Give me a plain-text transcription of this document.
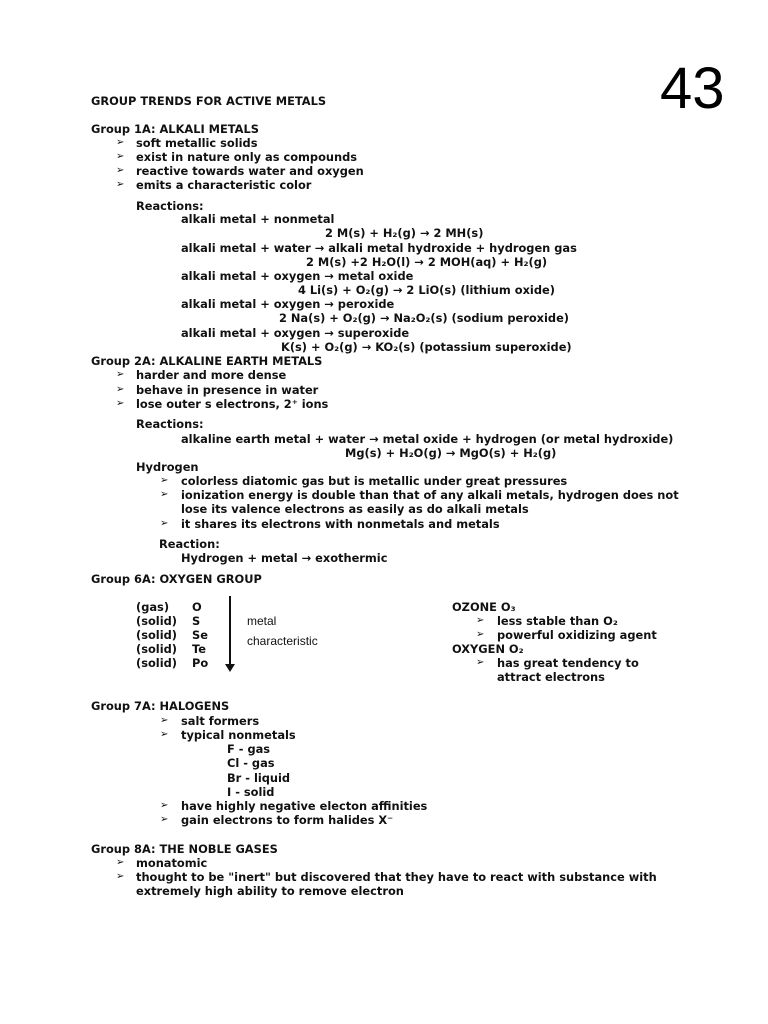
43
GROUP TRENDS FOR ACTIVE METALS
Group 1A: ALKALI METALS
➢ soft metallic solids
➢ exist in nature only as compounds
➢ reactive towards water and oxygen
➢ emits a characteristic color
Reactions:
alkali metal + nonmetal
2 M(s) + H₂(g) → 2 MH(s)
alkali metal + water → alkali metal hydroxide + hydrogen gas
2 M(s) +2 H₂O(l) → 2 MOH(aq) + H₂(g)
alkali metal + oxygen → metal oxide
4 Li(s) + O₂(g) → 2 LiO(s) (lithium oxide)
alkali metal + oxygen → peroxide
2 Na(s) + O₂(g) → Na₂O₂(s) (sodium peroxide)
alkali metal + oxygen → superoxide
K(s) + O₂(g) → KO₂(s) (potassium superoxide)
Group 2A: ALKALINE EARTH METALS
➢ harder and more dense
➢ behave in presence in water
➢ lose outer s electrons, 2⁺ ions
Reactions:
alkaline earth metal + water → metal oxide + hydrogen (or metal hydroxide)
Mg(s) + H₂O(g) → MgO(s) + H₂(g)
Hydrogen
➢ colorless diatomic gas but is metallic under great pressures
➢ ionization energy is double than that of any alkali metals, hydrogen does not
lose its valence electrons as easily as do alkali metals
➢ it shares its electrons with nonmetals and metals
Reaction:
Hydrogen + metal → exothermic
Group 6A: OXYGEN GROUP
(gas) O
(solid) S
(solid) Se
(solid) Te
(solid) Po
metal
characteristic
OZONE O₃
➢ less stable than O₂
➢ powerful oxidizing agent
OXYGEN O₂
➢ has great tendency to
attract electrons
Group 7A: HALOGENS
➢ salt formers
➢ typical nonmetals
F - gas
Cl - gas
Br - liquid
I - solid
➢ have highly negative electon affinities
➢ gain electrons to form halides X⁻
Group 8A: THE NOBLE GASES
➢ monatomic
➢ thought to be "inert" but discovered that they have to react with substance with
extremely high ability to remove electron
